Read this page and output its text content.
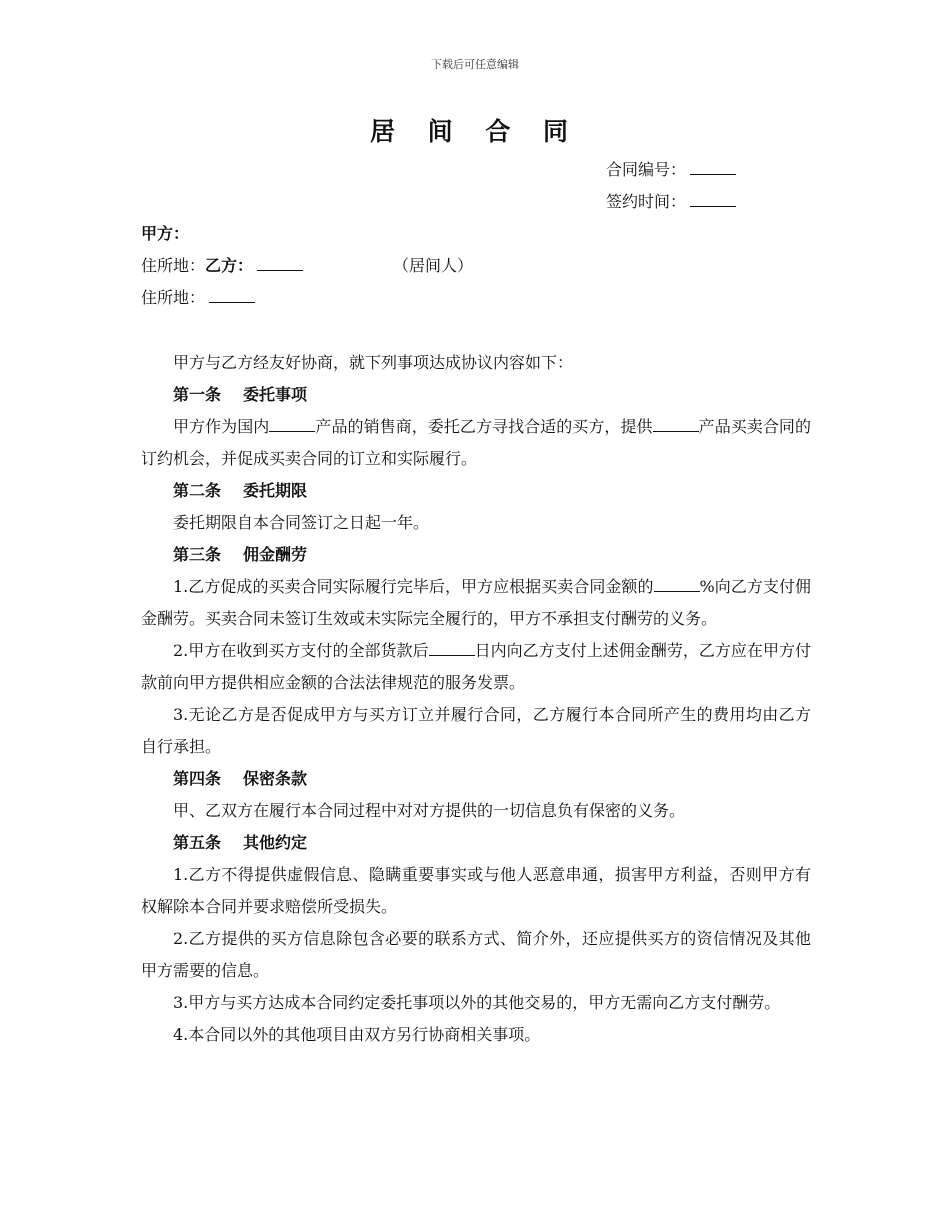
下载后可任意编辑
居 间 合 同
合同编号：
签约时间：
甲方：
住所地：乙方：	（居间人）
住所地：

甲方与乙方经友好协商，就下列事项达成协议内容如下：

第一条 委托事项

甲方作为国内	产品的销售商，委托乙方寻找合适的买方，提供	产品买卖合同的订约机会，并促成买卖合同的订立和实际履行。

第二条 委托期限

委托期限自本合同签订之日起一年。

第三条 佣金酬劳

1.乙方促成的买卖合同实际履行完毕后，甲方应根据买卖合同金额的	%向乙方支付佣金酬劳。买卖合同未签订生效或未实际完全履行的，甲方不承担支付酬劳的义务。

2.甲方在收到买方支付的全部货款后	日内向乙方支付上述佣金酬劳，乙方应在甲方付款前向甲方提供相应金额的合法法律规范的服务发票。

3.无论乙方是否促成甲方与买方订立并履行合同，乙方履行本合同所产生的费用均由乙方自行承担。

第四条 保密条款

甲、乙双方在履行本合同过程中对对方提供的一切信息负有保密的义务。

第五条 其他约定

1.乙方不得提供虚假信息、隐瞒重要事实或与他人恶意串通，损害甲方利益，否则甲方有权解除本合同并要求赔偿所受损失。

2.乙方提供的买方信息除包含必要的联系方式、简介外，还应提供买方的资信情况及其他甲方需要的信息。

3.甲方与买方达成本合同约定委托事项以外的其他交易的，甲方无需向乙方支付酬劳。

4.本合同以外的其他项目由双方另行协商相关事项。
